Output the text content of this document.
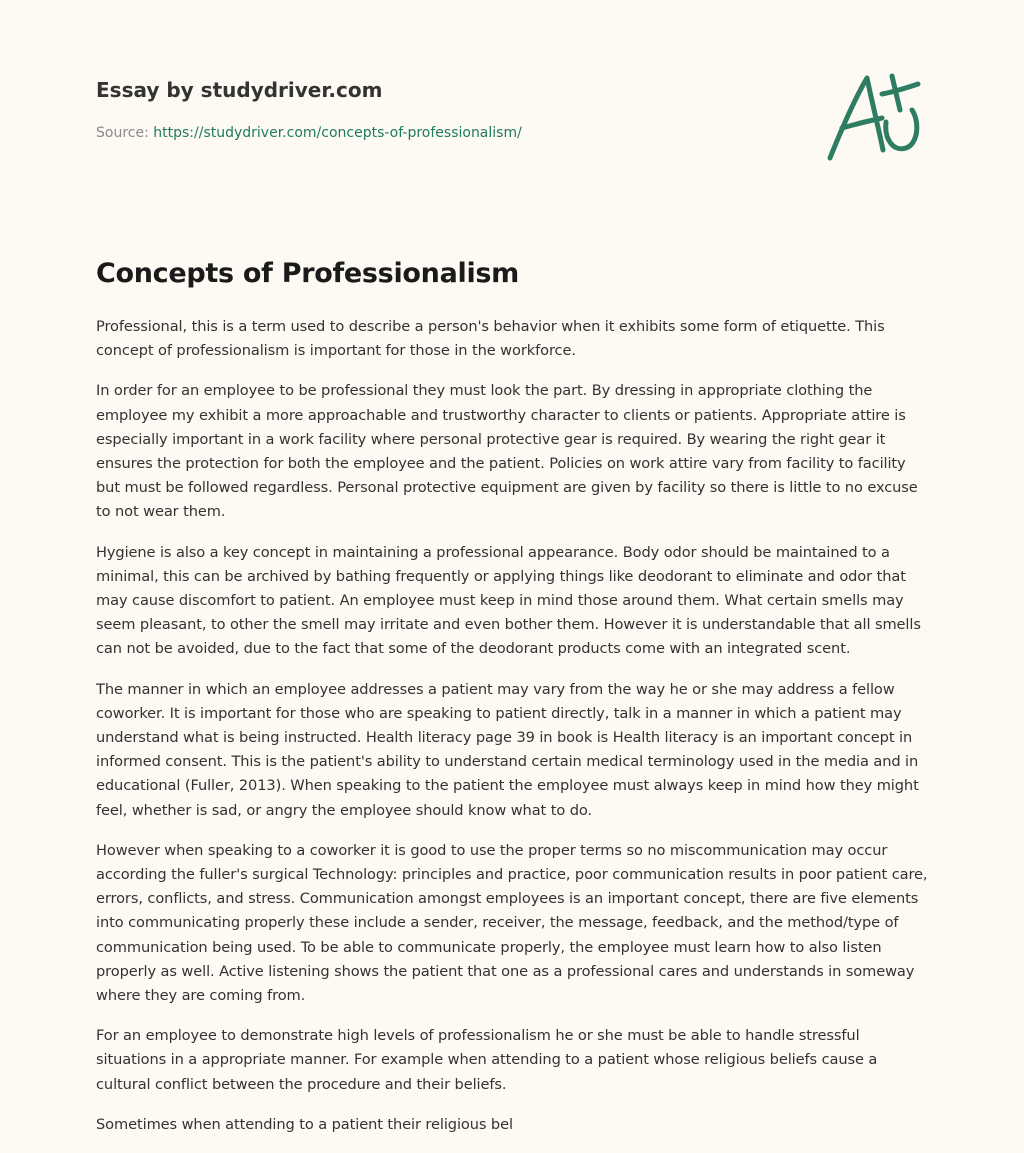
Essay by studydriver.com
Source: https://studydriver.com/concepts-of-professionalism/
Concepts of Professionalism

Professional, this is a term used to describe a person's behavior when it exhibits some form of etiquette. This concept of professionalism is important for those in the workforce.

In order for an employee to be professional they must look the part. By dressing in appropriate clothing the employee my exhibit a more approachable and trustworthy character to clients or patients. Appropriate attire is especially important in a work facility where personal protective gear is required. By wearing the right gear it ensures the protection for both the employee and the patient. Policies on work attire vary from facility to facility but must be followed regardless. Personal protective equipment are given by facility so there is little to no excuse to not wear them.

Hygiene is also a key concept in maintaining a professional appearance. Body odor should be maintained to a minimal, this can be archived by bathing frequently or applying things like deodorant to eliminate and odor that may cause discomfort to patient. An employee must keep in mind those around them. What certain smells may seem pleasant, to other the smell may irritate and even bother them. However it is understandable that all smells can not be avoided, due to the fact that some of the deodorant products come with an integrated scent.

The manner in which an employee addresses a patient may vary from the way he or she may address a fellow coworker. It is important for those who are speaking to patient directly, talk in a manner in which a patient may understand what is being instructed. Health literacy page 39 in book is Health literacy is an important concept in informed consent. This is the patient's ability to understand certain medical terminology used in the media and in educational (Fuller, 2013). When speaking to the patient the employee must always keep in mind how they might feel, whether is sad, or angry the employee should know what to do.

However when speaking to a coworker it is good to use the proper terms so no miscommunication may occur according the fuller's surgical Technology: principles and practice, poor communication results in poor patient care, errors, conflicts, and stress. Communication amongst employees is an important concept, there are five elements into communicating properly these include a sender, receiver, the message, feedback, and the method/type of communication being used. To be able to communicate properly, the employee must learn how to also listen properly as well. Active listening shows the patient that one as a professional cares and understands in someway where they are coming from.

For an employee to demonstrate high levels of professionalism he or she must be able to handle stressful situations in a appropriate manner. For example when attending to a patient whose religious beliefs cause a cultural conflict between the procedure and their beliefs.

Sometimes when attending to a patient their religious bel
